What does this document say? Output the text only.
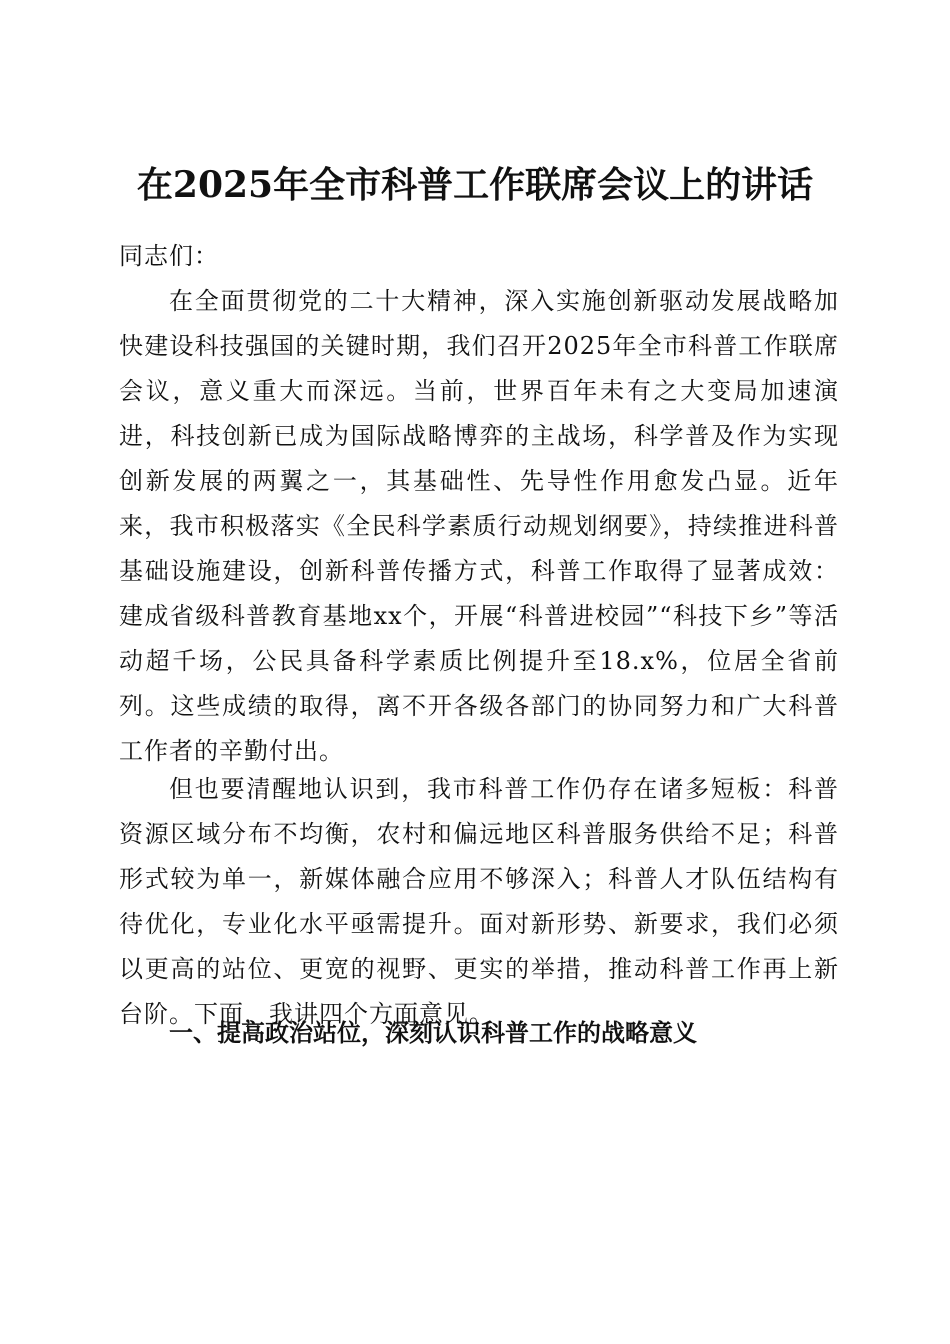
在2025年全市科普工作联席会议上的讲话
同志们：

在全面贯彻党的二十大精神，深入实施创新驱动发展战略加快建设科技强国的关键时期，我们召开2025年全市科普工作联席会议，意义重大而深远。当前，世界百年未有之大变局加速演进，科技创新已成为国际战略博弈的主战场，科学普及作为实现创新发展的两翼之一，其基础性、先导性作用愈发凸显。近年来，我市积极落实《全民科学素质行动规划纲要》，持续推进科普基础设施建设，创新科普传播方式，科普工作取得了显著成效：建成省级科普教育基地xx个，开展“科普进校园”“科技下乡”等活动超千场，公民具备科学素质比例提升至18.x%，位居全省前列。这些成绩的取得，离不开各级各部门的协同努力和广大科普工作者的辛勤付出。

但也要清醒地认识到，我市科普工作仍存在诸多短板：科普资源区域分布不均衡，农村和偏远地区科普服务供给不足；科普形式较为单一，新媒体融合应用不够深入；科普人才队伍结构有待优化，专业化水平亟需提升。面对新形势、新要求，我们必须以更高的站位、更宽的视野、更实的举措，推动科普工作再上新台阶。下面，我讲四个方面意见。

一、提高政治站位，深刻认识科普工作的战略意义
